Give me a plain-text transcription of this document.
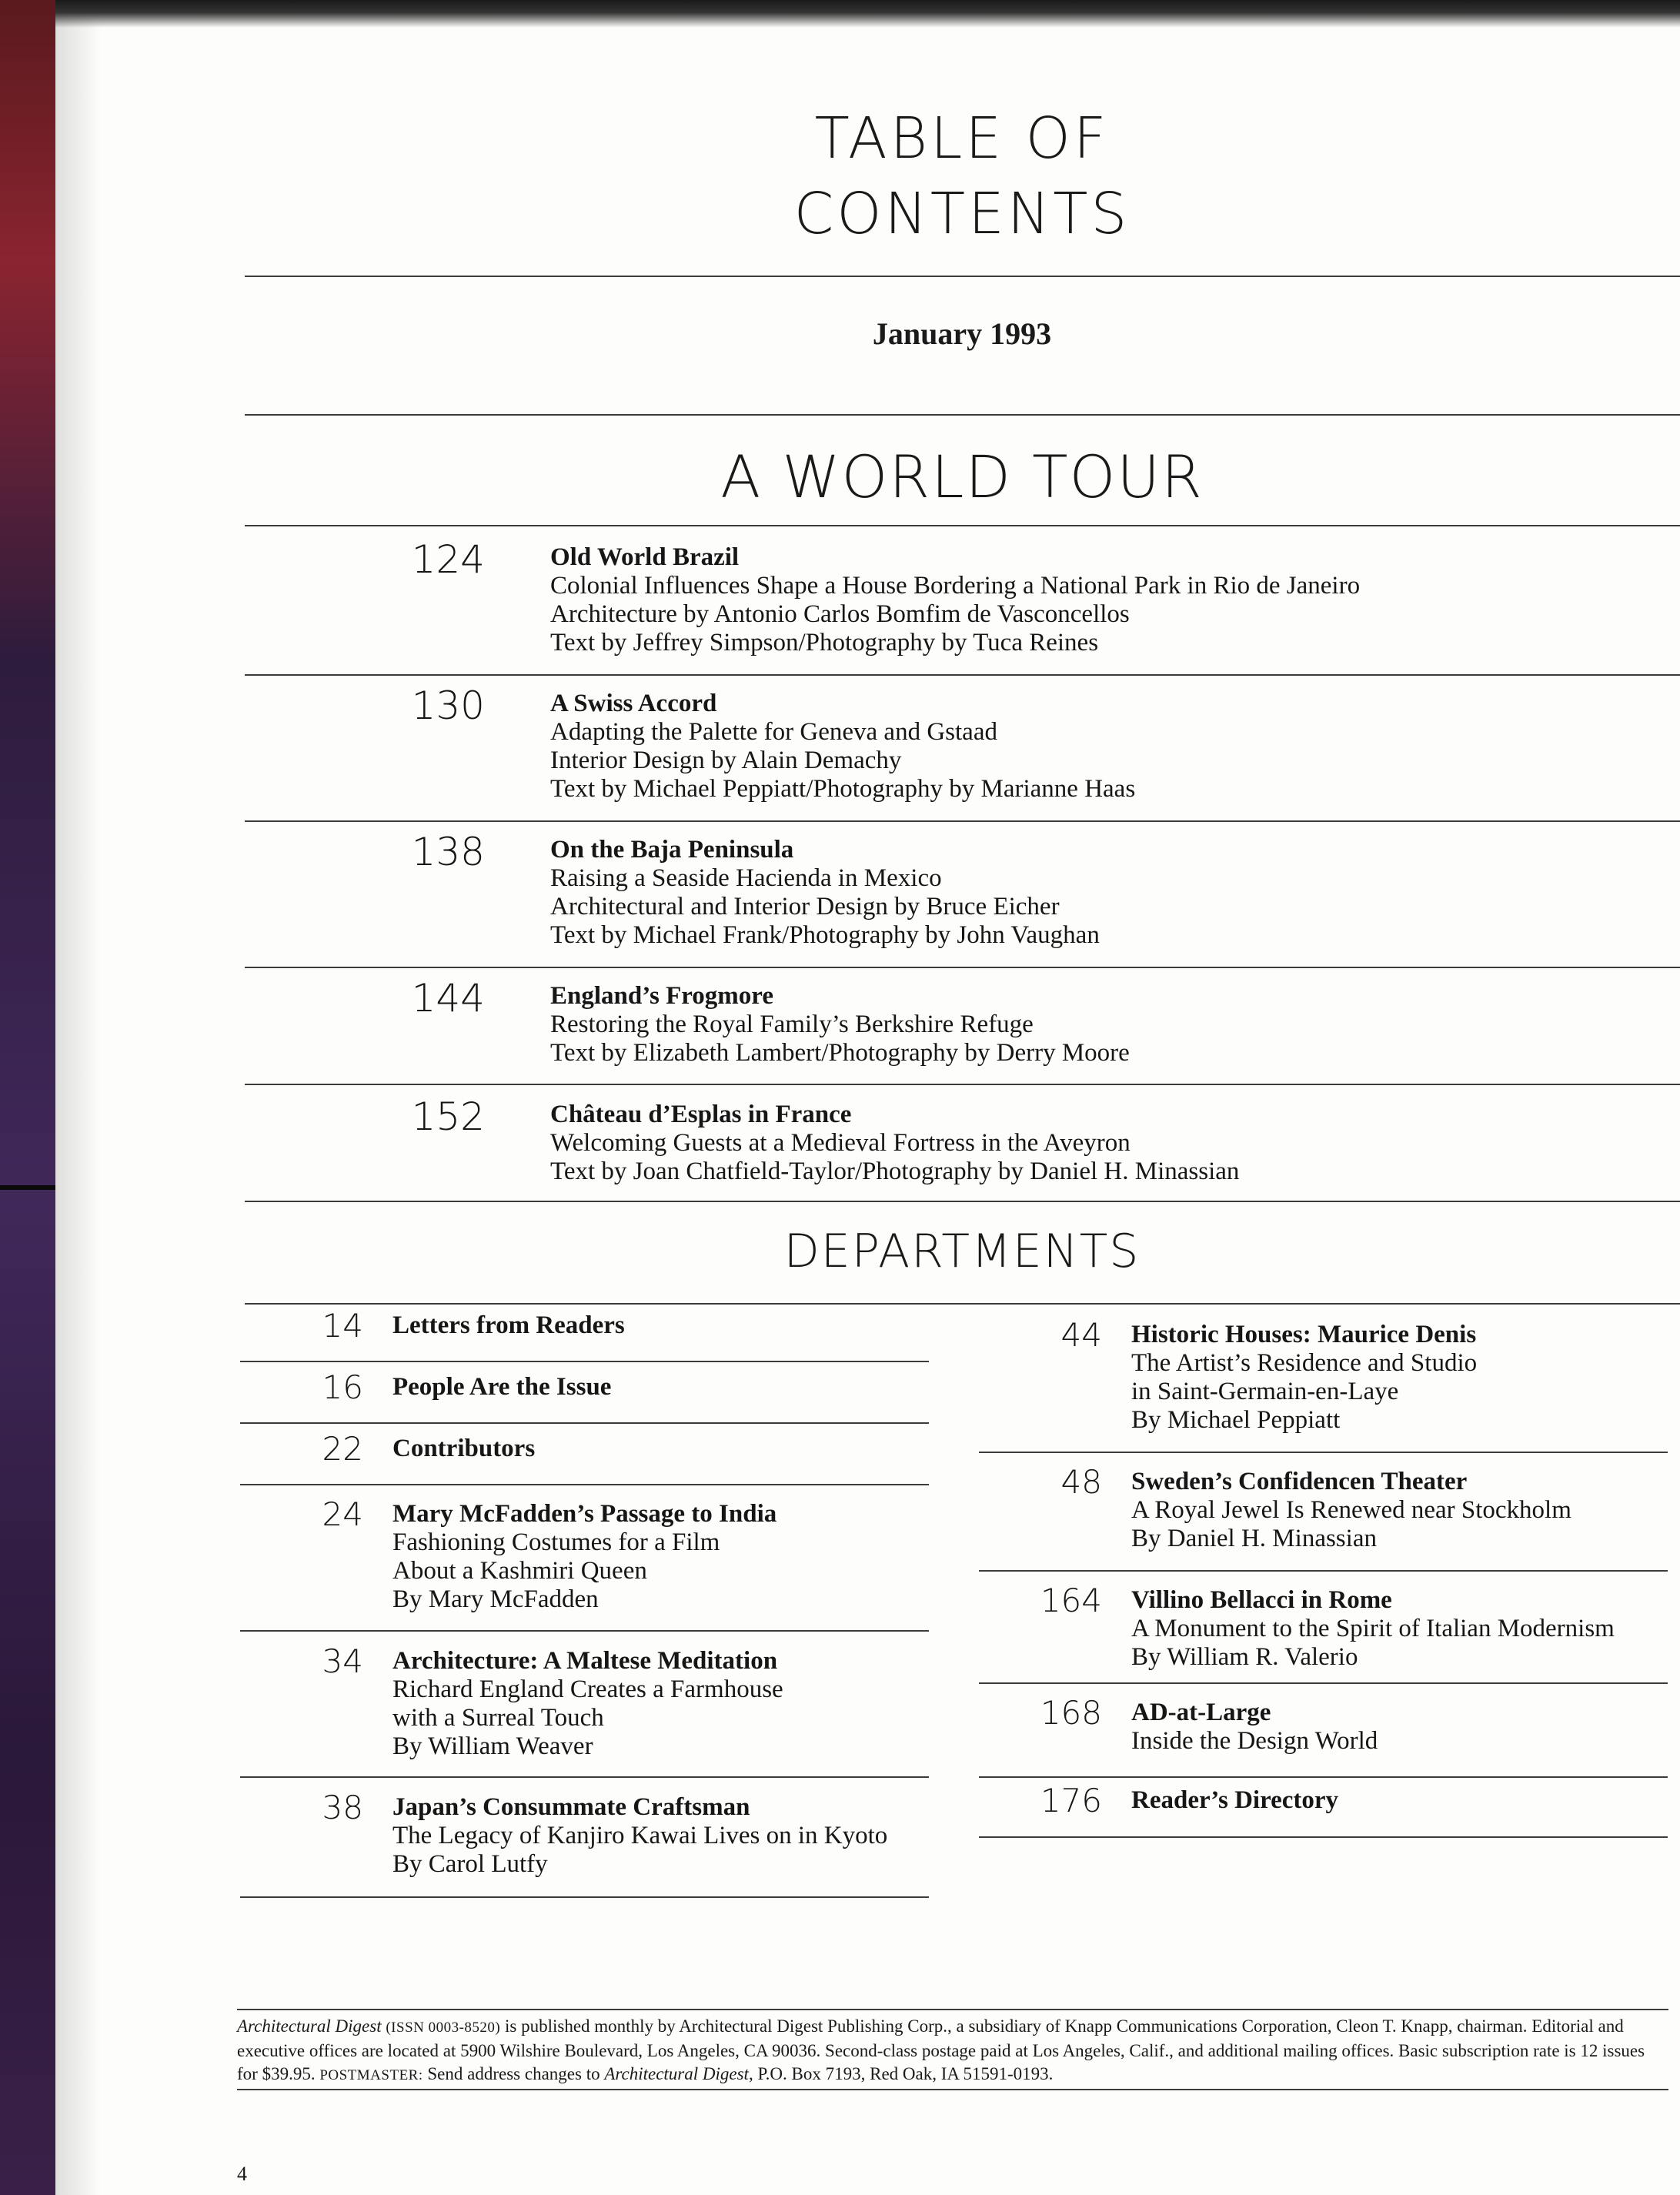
TABLE OF
CONTENTS
January 1993
A WORLD TOUR
124	Old World Brazil
Colonial Influences Shape a House Bordering a National Park in Rio de Janeiro
Architecture by Antonio Carlos Bomfim de Vasconcellos
Text by Jeffrey Simpson/Photography by Tuca Reines
130	A Swiss Accord
Adapting the Palette for Geneva and Gstaad
Interior Design by Alain Demachy
Text by Michael Peppiatt/Photography by Marianne Haas
138	On the Baja Peninsula
Raising a Seaside Hacienda in Mexico
Architectural and Interior Design by Bruce Eicher
Text by Michael Frank/Photography by John Vaughan
144	England’s Frogmore
Restoring the Royal Family’s Berkshire Refuge
Text by Elizabeth Lambert/Photography by Derry Moore
152	Château d’Esplas in France
Welcoming Guests at a Medieval Fortress in the Aveyron
Text by Joan Chatfield-Taylor/Photography by Daniel H. Minassian
DEPARTMENTS
14 Letters from Readers
16 People Are the Issue
22 Contributors
24 Mary McFadden’s Passage to India
Fashioning Costumes for a Film
About a Kashmiri Queen
By Mary McFadden
34 Architecture: A Maltese Meditation
Richard England Creates a Farmhouse
with a Surreal Touch
By William Weaver
38 Japan’s Consummate Craftsman
The Legacy of Kanjiro Kawai Lives on in Kyoto
By Carol Lutfy
44 Historic Houses: Maurice Denis
The Artist’s Residence and Studio
in Saint-Germain-en-Laye
By Michael Peppiatt
48 Sweden’s Confidencen Theater
A Royal Jewel Is Renewed near Stockholm
By Daniel H. Minassian
164 Villino Bellacci in Rome
A Monument to the Spirit of Italian Modernism
By William R. Valerio
168 AD-at-Large
Inside the Design World
176 Reader’s Directory
Architectural Digest (ISSN 0003-8520) is published monthly by Architectural Digest Publishing Corp., a subsidiary of Knapp Communications Corporation, Cleon T. Knapp, chairman. Editorial and executive offices are located at 5900 Wilshire Boulevard, Los Angeles, CA 90036. Second-class postage paid at Los Angeles, Calif., and additional mailing offices. Basic subscription rate is 12 issues for $39.95. POSTMASTER: Send address changes to Architectural Digest, P.O. Box 7193, Red Oak, IA 51591-0193.
4
